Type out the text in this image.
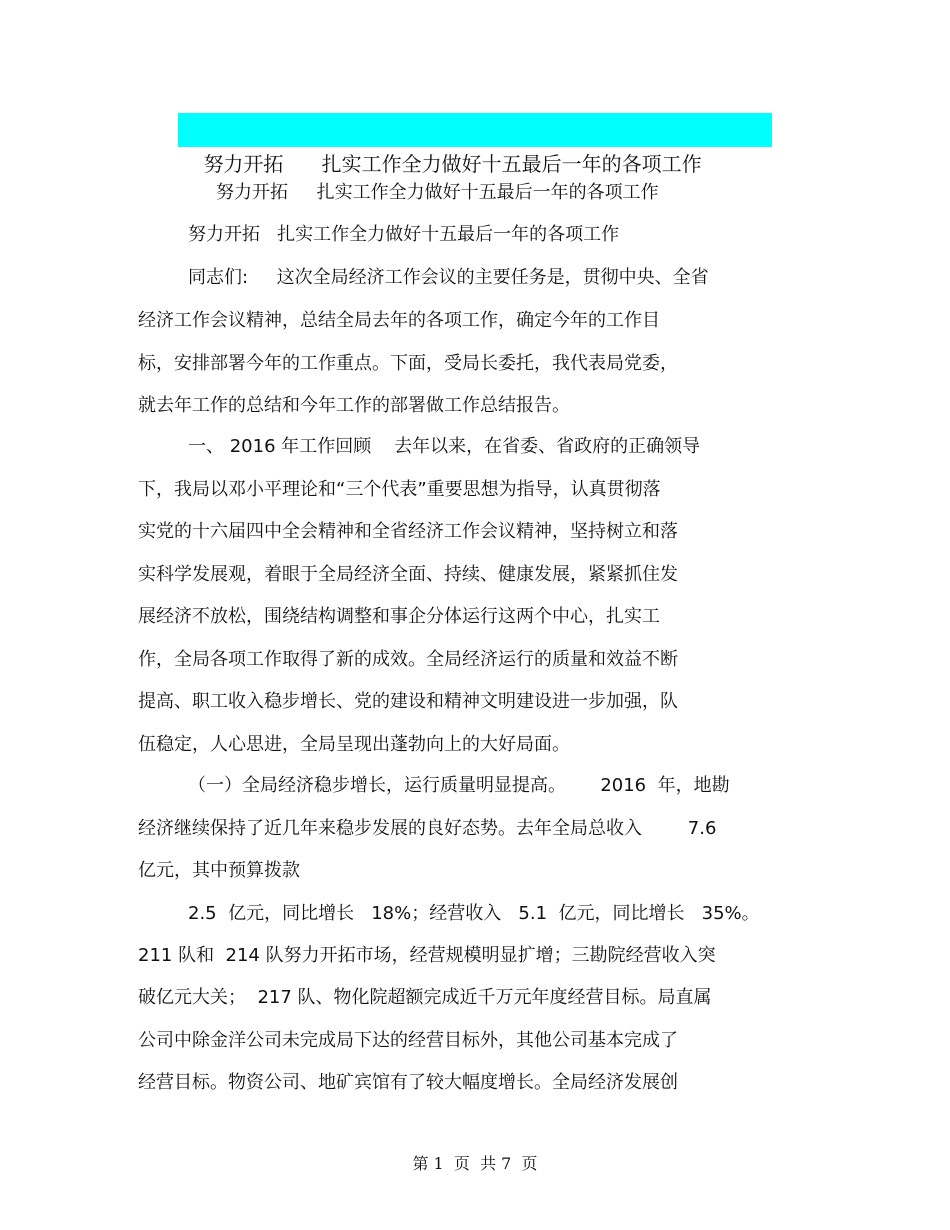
努力开拓      扎实工作全力做好十五最后一年的各项工作

努力开拓     扎实工作全力做好十五最后一年的各项工作
努力开拓   扎实工作全力做好十五最后一年的各项工作
同志们:     这次全局经济工作会议的主要任务是，贯彻中央、全省
经济工作会议精神，总结全局去年的各项工作，确定今年的工作目
标，安排部署今年的工作重点。下面，受局长委托，我代表局党委，
就去年工作的总结和今年工作的部署做工作总结报告。
一、 2016 年工作回顾    去年以来，在省委、省政府的正确领导
下，我局以邓小平理论和“三个代表”重要思想为指导，认真贯彻落
实党的十六届四中全会精神和全省经济工作会议精神，坚持树立和落
实科学发展观，着眼于全局经济全面、持续、健康发展，紧紧抓住发
展经济不放松，围绕结构调整和事企分体运行这两个中心，扎实工
作，全局各项工作取得了新的成效。全局经济运行的质量和效益不断
提高、职工收入稳步增长、党的建设和精神文明建设进一步加强，队
伍稳定，人心思进，全局呈现出蓬勃向上的大好局面。
（一）全局经济稳步增长，运行质量明显提高。      2016  年，地勘
经济继续保持了近几年来稳步发展的良好态势。去年全局总收入        7.6
亿元，其中预算拨款
2.5  亿元，同比增长   18%；经营收入   5.1  亿元，同比增长   35%。
211 队和  214 队努力开拓市场，经营规模明显扩增；三勘院经营收入突
破亿元大关；  217 队、物化院超额完成近千万元年度经营目标。局直属
公司中除金洋公司未完成局下达的经营目标外，其他公司基本完成了
经营目标。物资公司、地矿宾馆有了较大幅度增长。全局经济发展创
第 1  页  共 7  页
